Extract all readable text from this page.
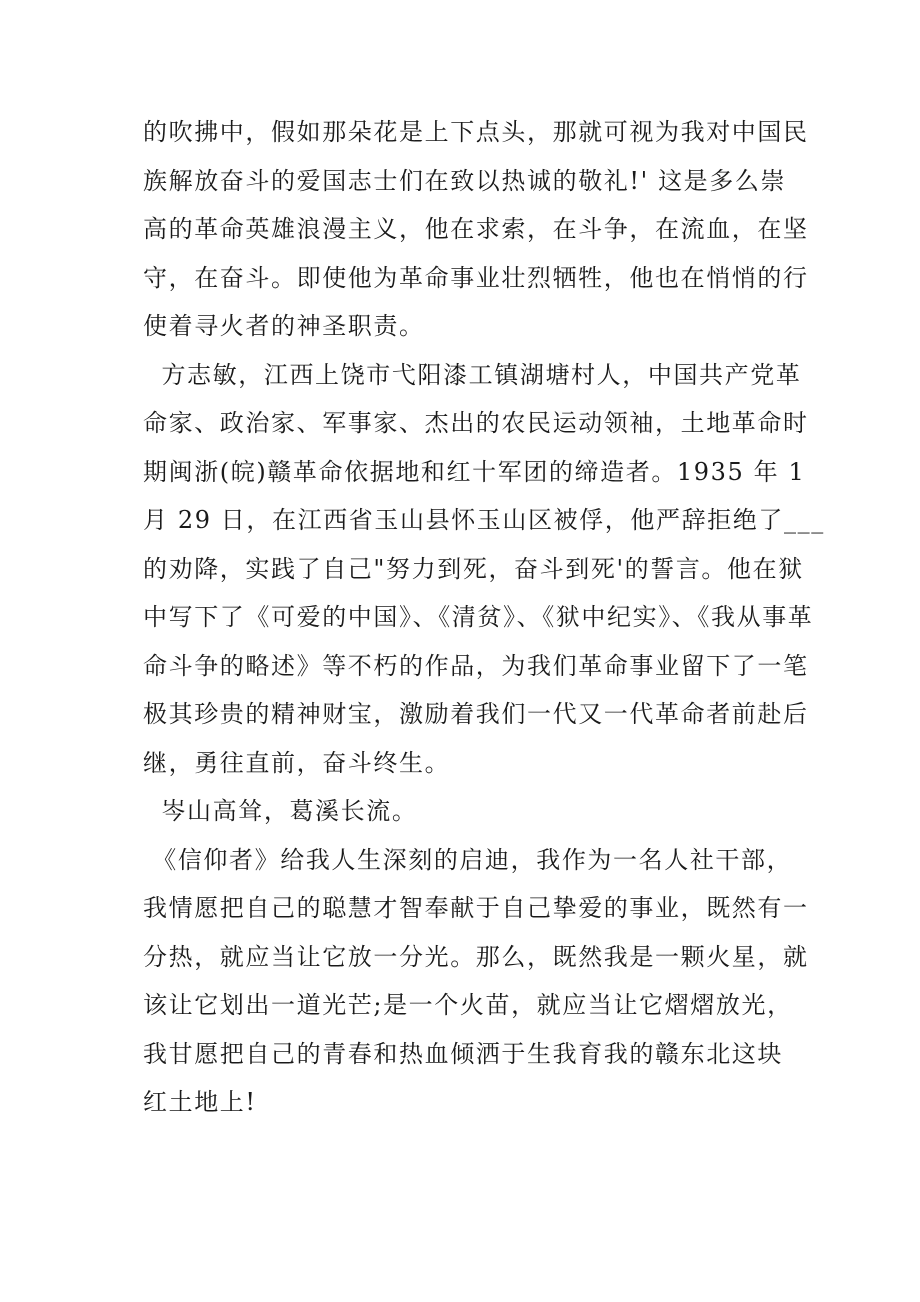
的吹拂中，假如那朵花是上下点头，那就可视为我对中国民
族解放奋斗的爱国志士们在致以热诚的敬礼!' 这是多么崇
高的革命英雄浪漫主义，他在求索，在斗争，在流血，在坚
守，在奋斗。即使他为革命事业壮烈牺牲，他也在悄悄的行
使着寻火者的神圣职责。
方志敏，江西上饶市弋阳漆工镇湖塘村人，中国共产党革
命家、政治家、军事家、杰出的农民运动领袖，土地革命时
期闽浙(皖)赣革命依据地和红十军团的缔造者。1935 年 1
月 29 日，在江西省玉山县怀玉山区被俘，他严辞拒绝了___
的劝降，实践了自己"努力到死，奋斗到死'的誓言。他在狱
中写下了《可爱的中国》、《清贫》、《狱中纪实》、《我从事革
命斗争的略述》等不朽的作品，为我们革命事业留下了一笔
极其珍贵的精神财宝，激励着我们一代又一代革命者前赴后
继，勇往直前，奋斗终生。
岑山高耸，葛溪长流。
《信仰者》给我人生深刻的启迪，我作为一名人社干部，
我情愿把自己的聪慧才智奉献于自己挚爱的事业，既然有一
分热，就应当让它放一分光。那么，既然我是一颗火星，就
该让它划出一道光芒;是一个火苗，就应当让它熠熠放光，
我甘愿把自己的青春和热血倾洒于生我育我的赣东北这块
红土地上!
